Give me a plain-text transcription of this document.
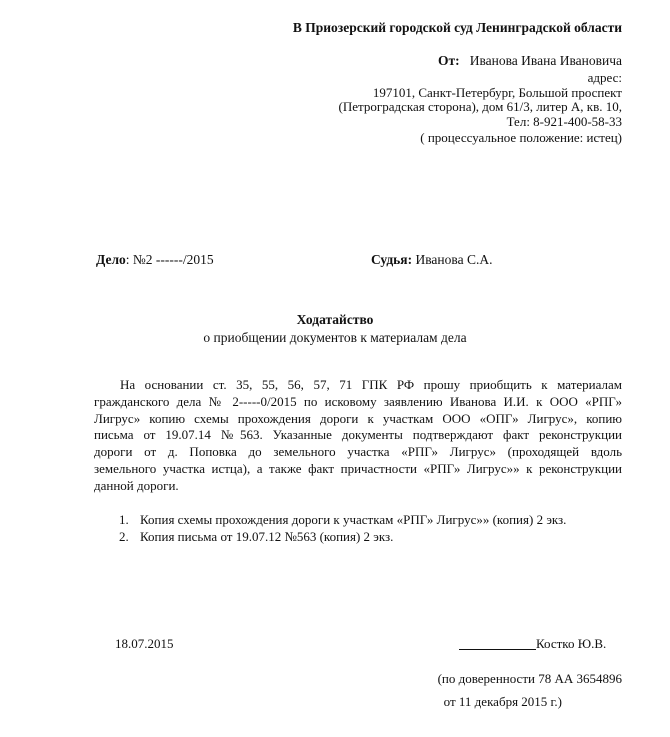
В Приозерский городской суд Ленинградской области
От: Иванова Ивана Ивановича
адрес:
197101, Санкт-Петербург, Большой проспект
(Петроградская сторона), дом 61/3, литер А, кв. 10,
Тел: 8-921-400-58-33
( процессуальное положение: истец)
Дело: №2 ------/2015	Судья: Иванова С.А.
Ходатайство
о приобщении документов к материалам дела
На основании ст. 35, 55, 56, 57, 71 ГПК РФ прошу приобщить к материалам
гражданского дела № 2-----0/2015 по исковому заявлению Иванова И.И. к ООО «РПГ»
Лигрус» копию схемы прохождения дороги к участкам ООО «ОПГ» Лигрус», копию
письма от 19.07.14 №563. Указанные документы подтверждают факт реконструкции
дороги от д. Поповка до земельного участка «РПГ» Лигрус» (проходящей вдоль
земельного участка истца), а также факт причастности «РПГ» Лигрус»» к реконструкции
данной дороги.
1. Копия схемы прохождения дороги к участкам «РПГ» Лигрус»» (копия) 2 экз.
2. Копия письма от 19.07.12 №563 (копия) 2 экз.
18.07.2015	Костко Ю.В.
(по доверенности 78 АА 3654896
от 11 декабря 2015 г.)
